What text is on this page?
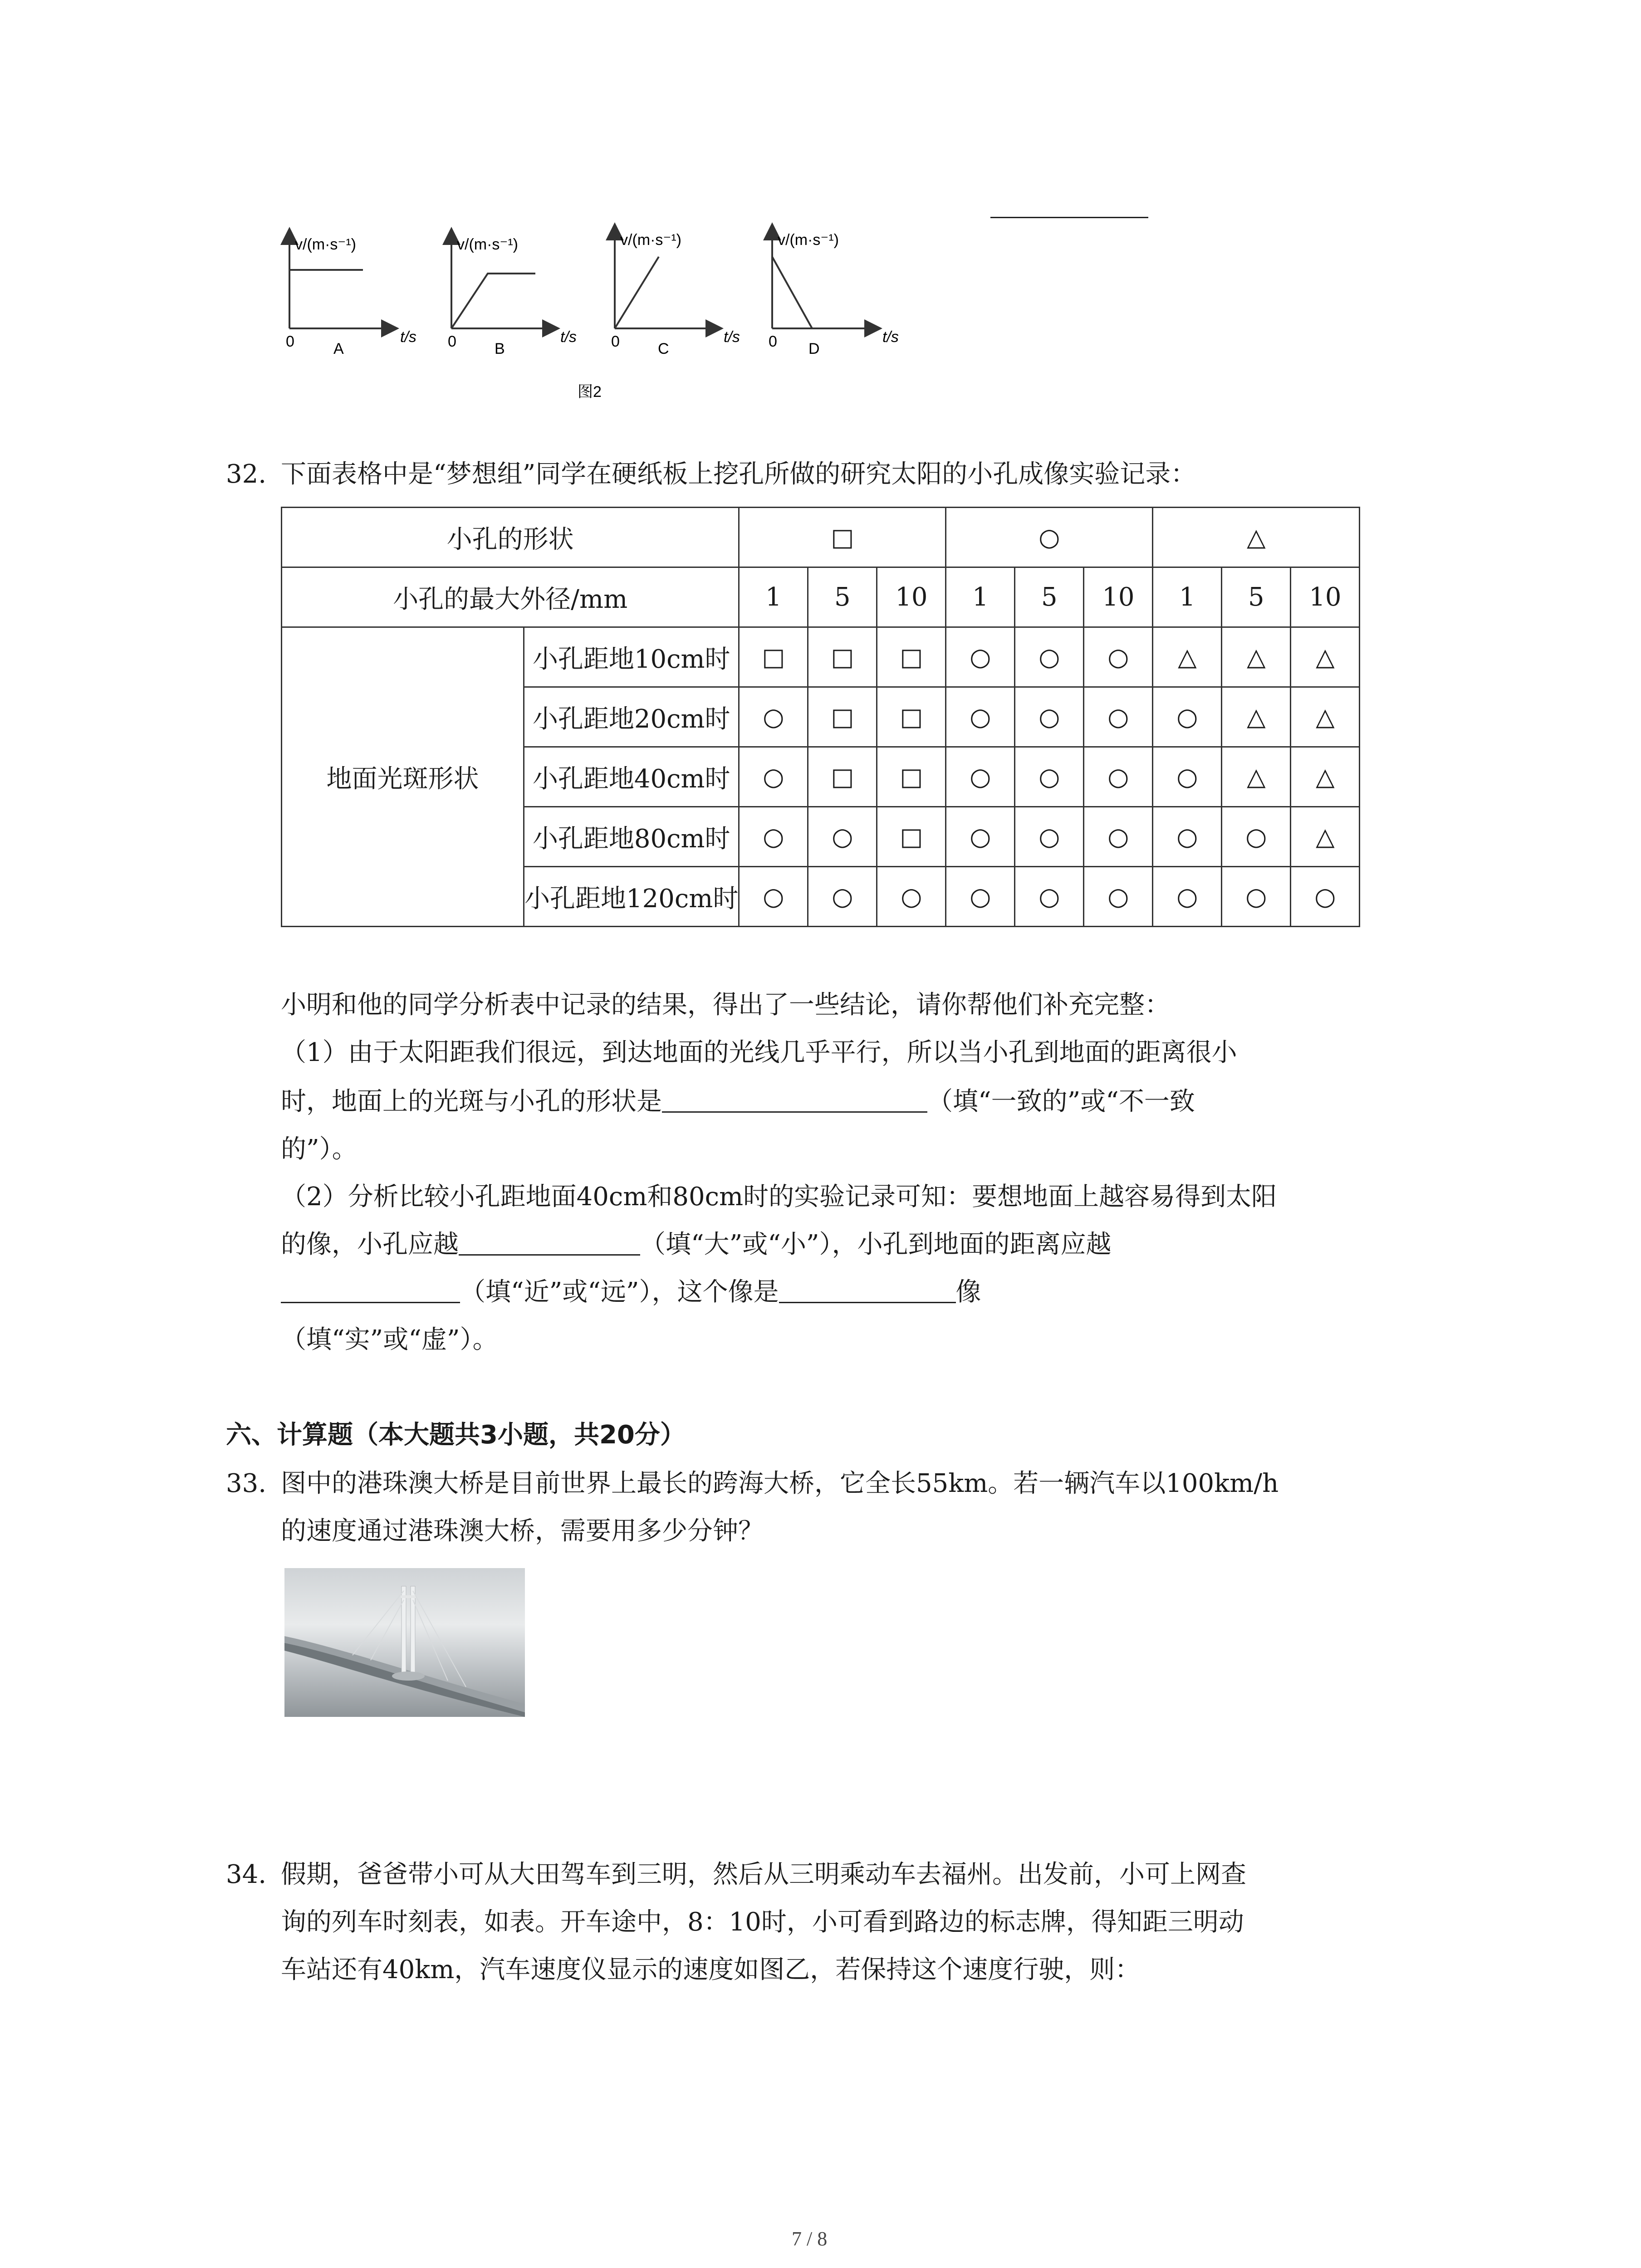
v/(m·s⁻¹)
t/s
0	A
v/(m·s⁻¹)
t/s
0 B
v/(m·s⁻¹)
t/s
0 C
v/(m·s⁻¹)
t/s
0 D
图2
32. 下面表格中是“梦想组”同学在硬纸板上挖孔所做的研究太阳的小孔成像实验记录：
小孔的形状		□			○			△		
小孔的最大外径/mm		1	5	10	1	5	10	1	5	10
地面光斑形状	小孔距地10cm时	□	□	□	○	○	○	△	△	△
	小孔距地20cm时	○	□	□	○	○	○	○	△	△
	小孔距地40cm时	○	□	□	○	○	○	○	△	△
	小孔距地80cm时	○	○	□	○	○	○	○	○	△
	小孔距地120cm时	○	○	○	○	○	○	○	○	○
小明和他的同学分析表中记录的结果，得出了一些结论，请你帮他们补充完整：
（1）由于太阳距我们很远，到达地面的光线几乎平行，所以当小孔到地面的距离很小
时，地面上的光斑与小孔的形状是	（填“一致的”或“不一致
的”）。
（2）分析比较小孔距地面40cm和80cm时的实验记录可知：要想地面上越容易得到太阳
的像，小孔应越	（填“大”或“小”），小孔到地面的距离应越
（填“近”或“远”），这个像是	像
（填“实”或“虚”）。
六、计算题（本大题共3小题，共20分）
33. 图中的港珠澳大桥是目前世界上最长的跨海大桥，它全长55km。若一辆汽车以100km/h
的速度通过港珠澳大桥，需要用多少分钟？
34. 假期，爸爸带小可从大田驾车到三明，然后从三明乘动车去福州。出发前，小可上网查
询的列车时刻表，如表。开车途中，8：10时，小可看到路边的标志牌，得知距三明动
车站还有40km，汽车速度仪显示的速度如图乙，若保持这个速度行驶，则：
7 / 8
